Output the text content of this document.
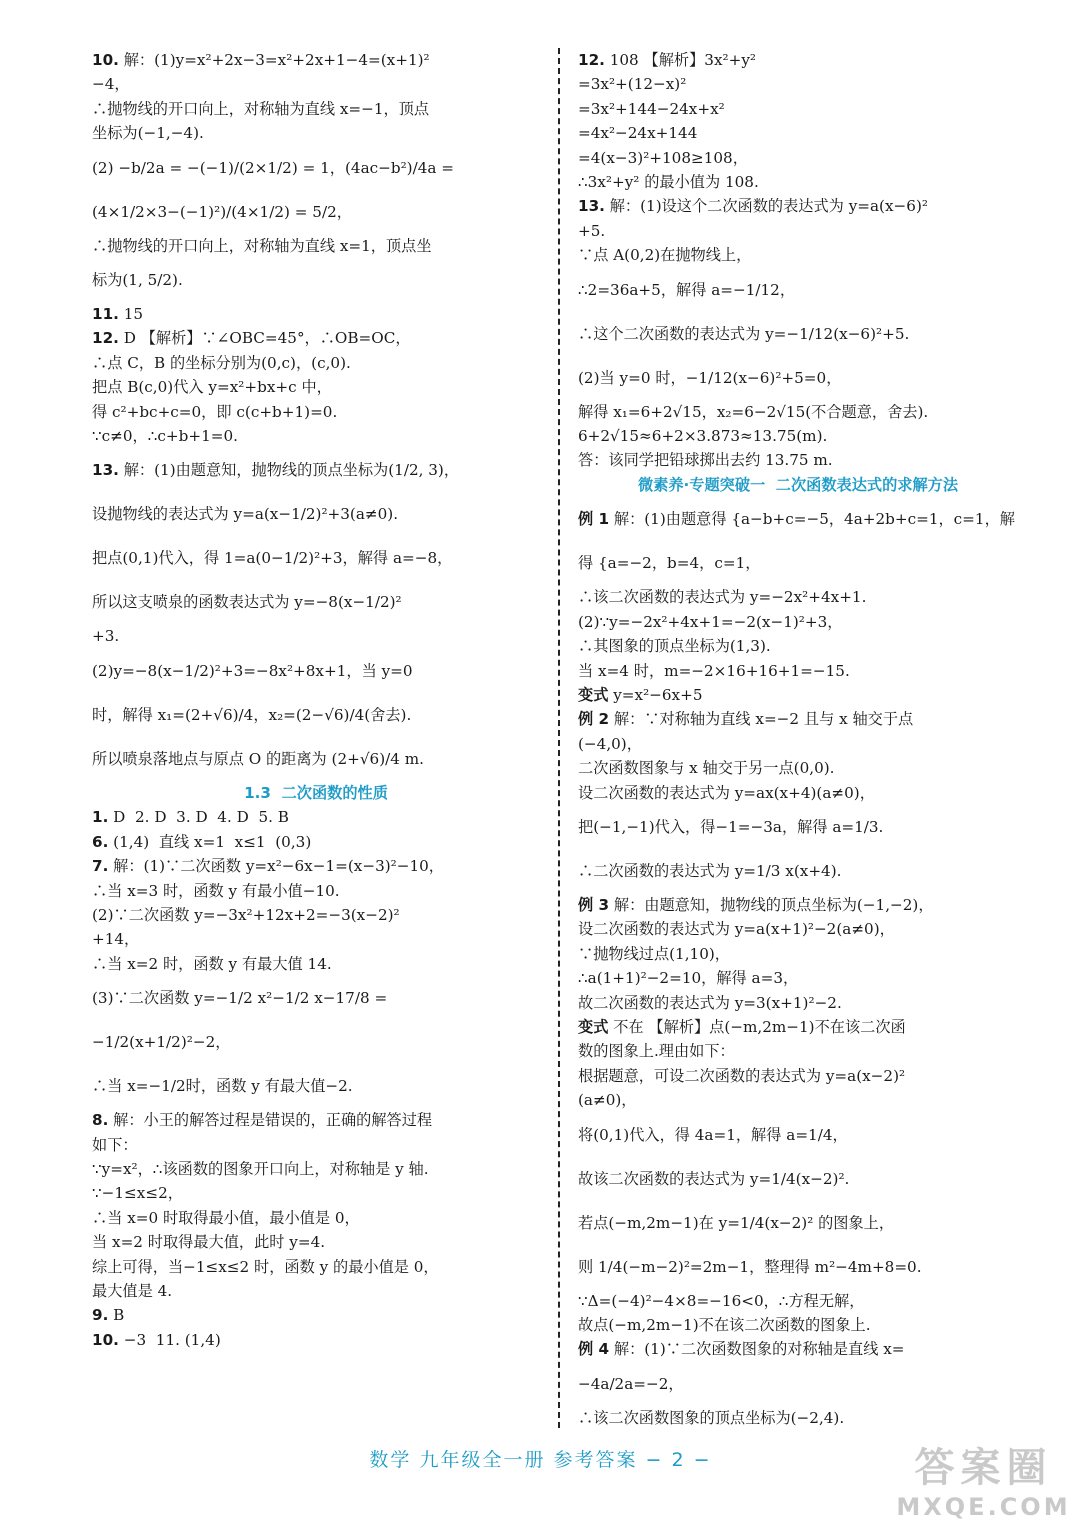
10. 解：(1)y=x²+2x−3=x²+2x+1−4=(x+1)²
−4，
∴抛物线的开口向上，对称轴为直线 x=−1，顶点
坐标为(−1,−4).
(2) −b/2a = −(−1)/(2×1/2) = 1，(4ac−b²)/4a =
(4×1/2×3−(−1)²)/(4×1/2) = 5/2，
∴抛物线的开口向上，对称轴为直线 x=1，顶点坐
标为(1, 5/2).
11. 15
12. D 【解析】∵∠OBC=45°，∴OB=OC，
∴点 C，B 的坐标分别为(0,c)，(c,0).
把点 B(c,0)代入 y=x²+bx+c 中，
得 c²+bc+c=0，即 c(c+b+1)=0.
∵c≠0，∴c+b+1=0.
13. 解：(1)由题意知，抛物线的顶点坐标为(1/2, 3)，
设抛物线的表达式为 y=a(x−1/2)²+3(a≠0).
把点(0,1)代入，得 1=a(0−1/2)²+3，解得 a=−8，
所以这支喷泉的函数表达式为 y=−8(x−1/2)²
+3.
(2)y=−8(x−1/2)²+3=−8x²+8x+1，当 y=0
时，解得 x₁=(2+√6)/4，x₂=(2−√6)/4(舍去).
所以喷泉落地点与原点 O 的距离为 (2+√6)/4 m.
1.3  二次函数的性质
1. D  2. D  3. D  4. D  5. B
6. (1,4)  直线 x=1  x≤1  (0,3)
7. 解：(1)∵二次函数 y=x²−6x−1=(x−3)²−10，
∴当 x=3 时，函数 y 有最小值−10.
(2)∵二次函数 y=−3x²+12x+2=−3(x−2)²
+14，
∴当 x=2 时，函数 y 有最大值 14.
(3)∵二次函数 y=−1/2 x²−1/2 x−17/8 =
−1/2(x+1/2)²−2，
∴当 x=−1/2时，函数 y 有最大值−2.
8. 解：小王的解答过程是错误的，正确的解答过程
如下：
∵y=x²，∴该函数的图象开口向上，对称轴是 y 轴.
∵−1≤x≤2，
∴当 x=0 时取得最小值，最小值是 0，
当 x=2 时取得最大值，此时 y=4.
综上可得，当−1≤x≤2 时，函数 y 的最小值是 0，
最大值是 4.
9. B
10. −3  11. (1,4)
12. 108 【解析】3x²+y²
=3x²+(12−x)²
=3x²+144−24x+x²
=4x²−24x+144
=4(x−3)²+108≥108，
∴3x²+y² 的最小值为 108.
13. 解：(1)设这个二次函数的表达式为 y=a(x−6)²
+5.
∵点 A(0,2)在抛物线上，
∴2=36a+5，解得 a=−1/12，
∴这个二次函数的表达式为 y=−1/12(x−6)²+5.
(2)当 y=0 时，−1/12(x−6)²+5=0，
解得 x₁=6+2√15，x₂=6−2√15(不合题意，舍去).
6+2√15≈6+2×3.873≈13.75(m).
答：该同学把铅球掷出去约 13.75 m.
微素养·专题突破一  二次函数表达式的求解方法
例 1 解：(1)由题意得 {a−b+c=−5，4a+2b+c=1，c=1，解得 {a=−2，b=4，c=1，
∴该二次函数的表达式为 y=−2x²+4x+1.
(2)∵y=−2x²+4x+1=−2(x−1)²+3，
∴其图象的顶点坐标为(1,3).
当 x=4 时，m=−2×16+16+1=−15.
变式 y=x²−6x+5
例 2 解：∵对称轴为直线 x=−2 且与 x 轴交于点
(−4,0)，
二次函数图象与 x 轴交于另一点(0,0).
设二次函数的表达式为 y=ax(x+4)(a≠0)，
把(−1,−1)代入，得−1=−3a，解得 a=1/3.
∴二次函数的表达式为 y=1/3 x(x+4).
例 3 解：由题意知，抛物线的顶点坐标为(−1,−2)，
设二次函数的表达式为 y=a(x+1)²−2(a≠0)，
∵抛物线过点(1,10)，
∴a(1+1)²−2=10，解得 a=3，
故二次函数的表达式为 y=3(x+1)²−2.
变式 不在 【解析】点(−m,2m−1)不在该二次函
数的图象上.理由如下：
根据题意，可设二次函数的表达式为 y=a(x−2)²
(a≠0)，
将(0,1)代入，得 4a=1，解得 a=1/4，
故该二次函数的表达式为 y=1/4(x−2)².
若点(−m,2m−1)在 y=1/4(x−2)² 的图象上，
则 1/4(−m−2)²=2m−1，整理得 m²−4m+8=0.
∵Δ=(−4)²−4×8=−16<0，∴方程无解，
故点(−m,2m−1)不在该二次函数的图象上.
例 4 解：(1)∵二次函数图象的对称轴是直线 x=
−4a/2a=−2，
∴该二次函数图象的顶点坐标为(−2,4).
数学 九年级全一册 参考答案 − 2 −	答案圈
MXQE.COM
